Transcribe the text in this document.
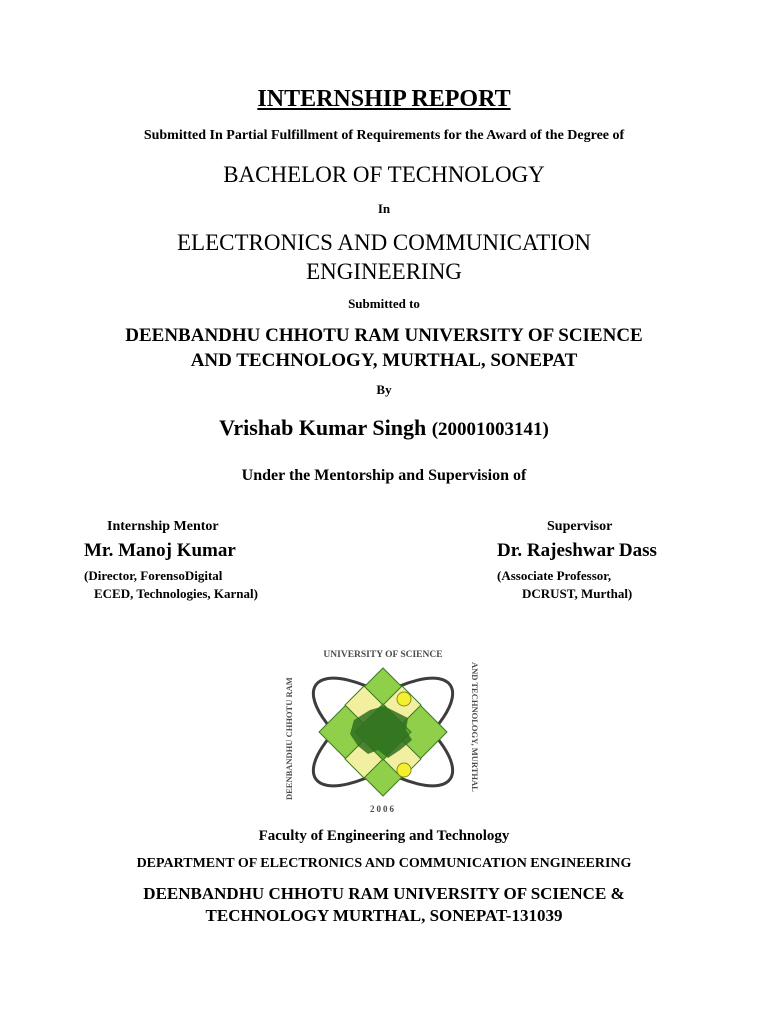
INTERNSHIP REPORT

Submitted In Partial Fulfillment of Requirements for the Award of the Degree of

BACHELOR OF TECHNOLOGY

In

ELECTRONICS AND COMMUNICATION
ENGINEERING

Submitted to

DEENBANDHU CHHOTU RAM UNIVERSITY OF SCIENCE
AND TECHNOLOGY, MURTHAL, SONEPAT

By

Vrishab Kumar Singh (20001003141)

Under the Mentorship and Supervision of

Internship Mentor

Mr. Manoj Kumar

(Director, ForensoDigital

ECED, Technologies, Karnal)

Supervisor

Dr. Rajeshwar Dass

(Associate Professor,

DCRUST, Murthal)

UNIVERSITY OF SCIENCE
DEENBANDHU CHHOTU RAM	AND TECHNOLOGY, MURTHAL
2006

Faculty of Engineering and Technology

DEPARTMENT OF ELECTRONICS AND COMMUNICATION ENGINEERING

DEENBANDHU CHHOTU RAM UNIVERSITY OF SCIENCE &
TECHNOLOGY MURTHAL, SONEPAT-131039
